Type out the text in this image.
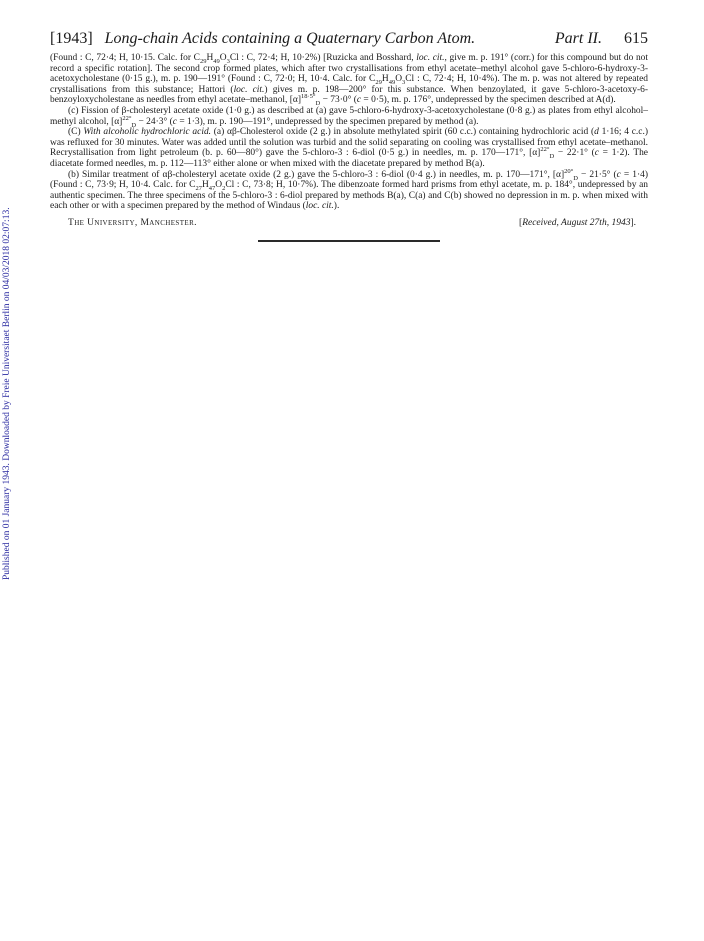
Published on 01 January 1943. Downloaded by Freie Universitaet Berlin on 04/03/2018 02:07:13.
[1943] Long-chain Acids containing a Quaternary Carbon Atom.	Part II. 615

(Found : C, 72·4; H, 10·15. Calc. for $C_{29}H_{49}O_3Cl$ : C, 72·4; H, 10·2%) [Ruzicka and Bosshard, loc. cit., give m. p. 191° (corr.) for this compound but do not record a specific rotation]. The second crop formed plates, which after two crystallisations from ethyl acetate–methyl alcohol gave 5-chloro-6-hydroxy-3-acetoxycholestane (0·15 g.), m. p. 190—191° (Found : C, 72·0; H, 10·4. Calc. for $C_{29}H_{49}O_3Cl$ : C, 72·4; H, 10·4%). The m. p. was not altered by repeated crystallisations from this substance; Hattori (loc. cit.) gives m. p. 198—200° for this substance. When benzoylated, it gave 5-chloro-3-acetoxy-6-benzoyloxycholestane as needles from ethyl acetate–methanol, $[\alpha]^{18\cdot 5^\circ}_D - 73\cdot 0^\circ$ (c = 0·5), m. p. 176°, undepressed by the specimen described at A(d).

(c) Fission of β-cholesteryl acetate oxide (1·0 g.) as described at (a) gave 5-chloro-6-hydroxy-3-acetoxycholestane (0·8 g.) as plates from ethyl alcohol–methyl alcohol, $[\alpha]^{22^\circ}_D - 24\cdot 3^\circ$ (c = 1·3), m. p. 190—191°, undepressed by the specimen prepared by method (a).

(C) With alcoholic hydrochloric acid. (a) αβ-Cholesterol oxide (2 g.) in absolute methylated spirit (60 c.c.) containing hydrochloric acid (d 1·16; 4 c.c.) was refluxed for 30 minutes. Water was added until the solution was turbid and the solid separating on cooling was crystallised from ethyl acetate–methanol. Recrystallisation from light petroleum (b. p. 60—80°) gave the 5-chloro-3 : 6-diol (0·5 g.) in needles, m. p. 170—171°, $[\alpha]^{22^\circ}_D - 22\cdot 1^\circ$ (c = 1·2). The diacetate formed needles, m. p. 112—113° either alone or when mixed with the diacetate prepared by method B(a).

(b) Similar treatment of αβ-cholesteryl acetate oxide (2 g.) gave the 5-chloro-3 : 6-diol (0·4 g.) in needles, m. p. 170—171°, $[\alpha]^{20^\circ}_D - 21\cdot 5^\circ$ (c = 1·4) (Found : C, 73·9; H, 10·4. Calc. for $C_{27}H_{47}O_2Cl$ : C, 73·8; H, 10·7%). The dibenzoate formed hard prisms from ethyl acetate, m. p. 184°, undepressed by an authentic specimen. The three specimens of the 5-chloro-3 : 6-diol prepared by methods B(a), C(a) and C(b) showed no depression in m. p. when mixed with each other or with a specimen prepared by the method of Windaus (loc. cit.).

The University, Manchester.	[Received, August 27th, 1943].
